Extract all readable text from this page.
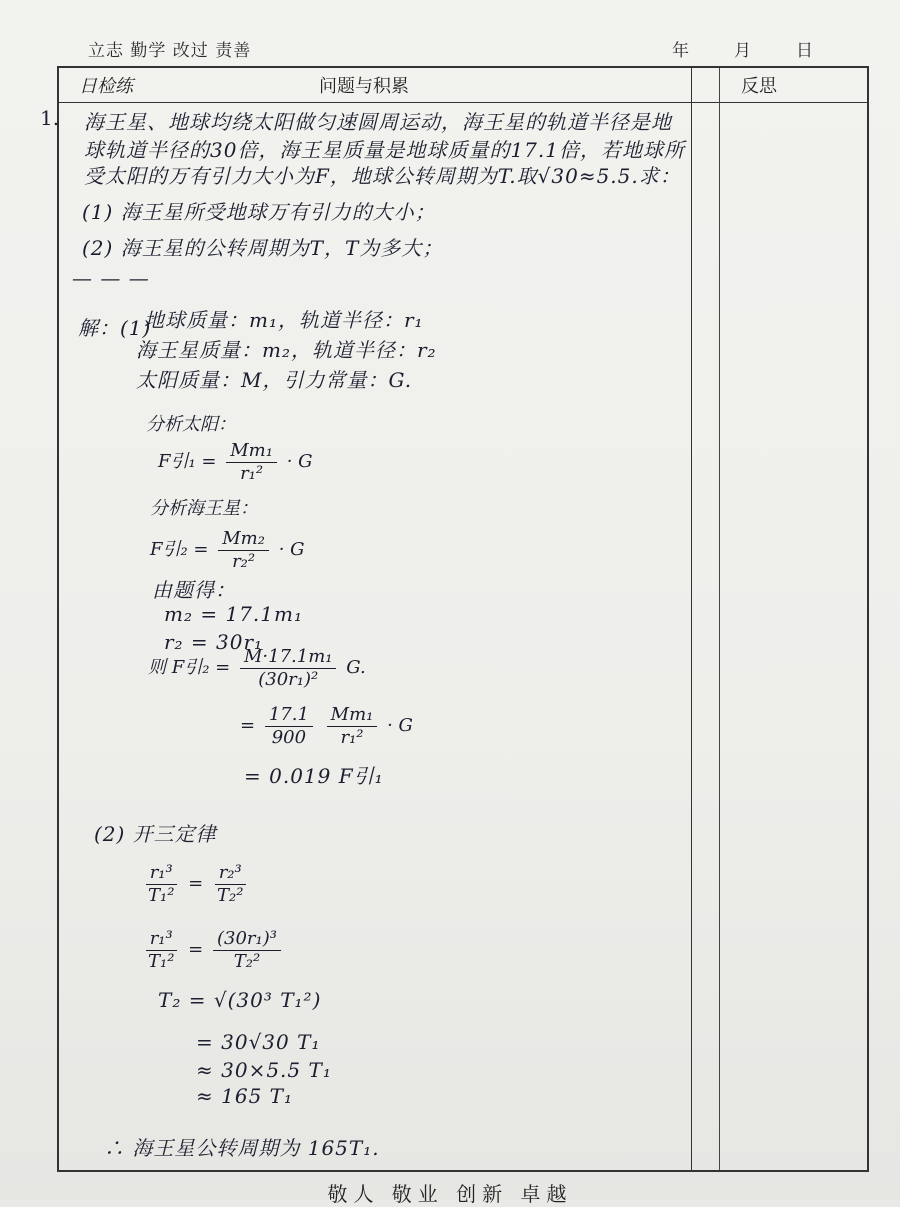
立志 勤学 改过 责善	年	月	日
1.
日检练	问题与积累	反思
海王星、地球均绕太阳做匀速圆周运动，海王星的轨道半径是地
球轨道半径的30倍，海王星质量是地球质量的17.1倍，若地球所
受太阳的万有引力大小为F，地球公转周期为T.取√30≈5.5.求：
(1) 海王星所受地球万有引力的大小；
(2) 海王星的公转周期为T，T为多大；
— — —
解：(1)
地球质量：m₁，轨道半径：r₁
海王星质量：m₂，轨道半径：r₂
太阳质量：M，引力常量：G.
分析太阳：
F引$_1 = \frac{\text{Mm₁}}{\text{r₁²}} \cdot G$
分析海王星：
F引$_2 = \frac{\text{Mm₂}}{\text{r₂²}} \cdot G$
由题得：
m₂ = 17.1m₁
r₂ = 30r₁
则 F引$_2 = \frac{\text{M·17.1m₁}}{\text{(30r₁)²}} G$.
= $\frac{17.1}{900}$
$\frac{\text{Mm₁}}{\text{r₁²}} \cdot G$
= 0.019 F引₁
(2) 开三定律
$\frac{\text{r₁³}}{\text{T₁²}} = \frac{\text{r₂³}}{\text{T₂²}}$
$\frac{\text{r₁³}}{\text{T₁²}} = \frac{\text{(30r₁)³}}{\text{T₂²}}$
T₂ = √(30³ T₁²)
= 30√30 T₁
≈ 30×5.5 T₁
≈ 165 T₁
∴ 海王星公转周期为 165T₁.
敬人 敬业 创新 卓越
